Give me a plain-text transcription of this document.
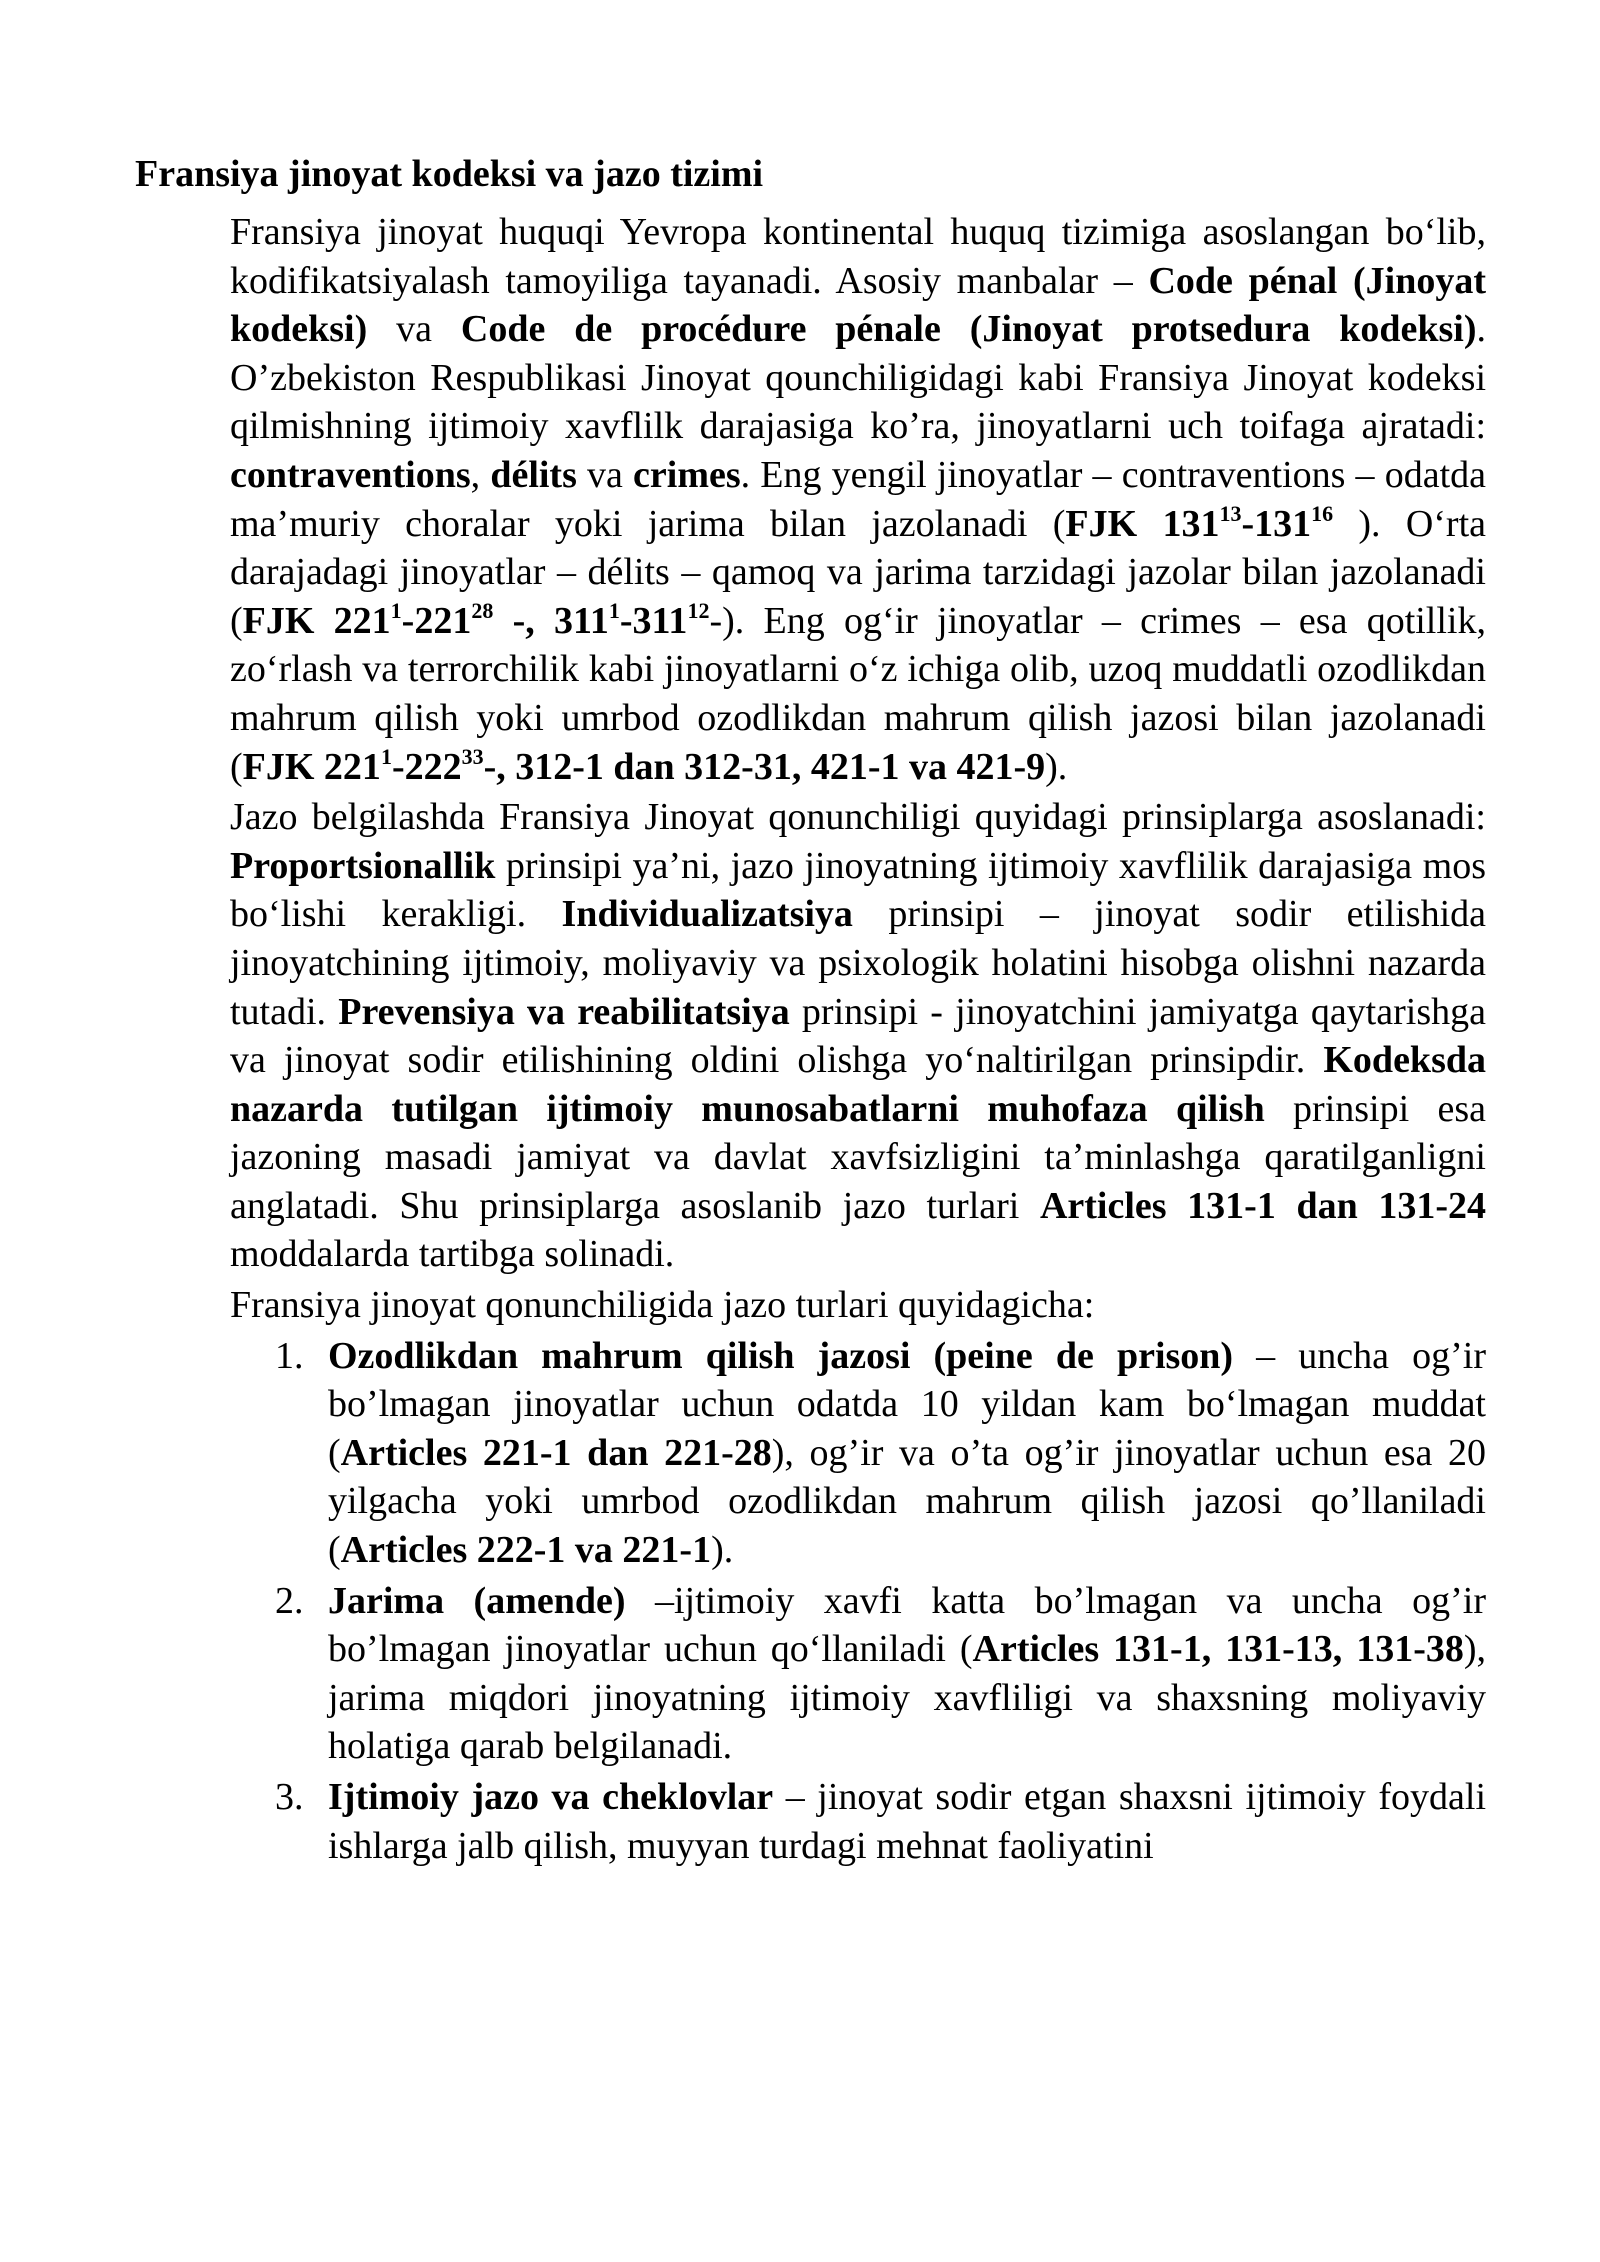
Fransiya jinoyat kodeksi va jazo tizimi

Fransiya jinoyat huquqi Yevropa kontinental huquq tizimiga asoslangan bo‘lib, kodifikatsiyalash tamoyiliga tayanadi. Asosiy manbalar – Code pénal (Jinoyat kodeksi) va Code de procédure pénale (Jinoyat protsedura kodeksi). O’zbekiston Respublikasi Jinoyat qounchiligidagi kabi Fransiya Jinoyat kodeksi qilmishning ijtimoiy xavflilk darajasiga ko’ra, jinoyatlarni uch toifaga ajratadi: contraventions, délits va crimes. Eng yengil jinoyatlar – contraventions – odatda ma’muriy choralar yoki jarima bilan jazolanadi (FJK $131^{13}-131^{16}$ ). O‘rta darajadagi jinoyatlar – délits – qamoq va jarima tarzidagi jazolar bilan jazolanadi (FJK $221^1-221^{28}$ -, $311^1-311^{12}-$). Eng og‘ir jinoyatlar – crimes – esa qotillik, zo‘rlash va terrorchilik kabi jinoyatlarni o‘z ichiga olib, uzoq muddatli ozodlikdan mahrum qilish yoki umrbod ozodlikdan mahrum qilish jazosi bilan jazolanadi (FJK $221^1-222^{33}-$, 312-1 dan 312-31, 421-1 va 421-9).

Jazo belgilashda Fransiya Jinoyat qonunchiligi quyidagi prinsiplarga asoslanadi: Proportsionallik prinsipi ya’ni, jazo jinoyatning ijtimoiy xavflilik darajasiga mos bo‘lishi kerakligi. Individualizatsiya prinsipi – jinoyat sodir etilishida jinoyatchining ijtimoiy, moliyaviy va psixologik holatini hisobga olishni nazarda tutadi. Prevensiya va reabilitatsiya prinsipi - jinoyatchini jamiyatga qaytarishga va jinoyat sodir etilishining oldini olishga yo‘naltirilgan prinsipdir. Kodeksda nazarda tutilgan ijtimoiy munosabatlarni muhofaza qilish prinsipi esa jazoning masadi jamiyat va davlat xavfsizligini ta’minlashga qaratilganligni anglatadi. Shu prinsiplarga asoslanib jazo turlari Articles 131-1 dan 131-24 moddalarda tartibga solinadi.

Fransiya jinoyat qonunchiligida jazo turlari quyidagicha:

1. Ozodlikdan mahrum qilish jazosi (peine de prison) – uncha og’ir bo’lmagan jinoyatlar uchun odatda 10 yildan kam bo‘lmagan muddat (Articles 221-1 dan 221-28), og’ir va o’ta og’ir jinoyatlar uchun esa 20 yilgacha yoki umrbod ozodlikdan mahrum qilish jazosi qo’llaniladi (Articles 222-1 va 221-1).
2. Jarima (amende) –ijtimoiy xavfi katta bo’lmagan va uncha og’ir bo’lmagan jinoyatlar uchun qo‘llaniladi (Articles 131-1, 131-13, 131-38), jarima miqdori jinoyatning ijtimoiy xavfliligi va shaxsning moliyaviy holatiga qarab belgilanadi.
3. Ijtimoiy jazo va cheklovlar – jinoyat sodir etgan shaxsni ijtimoiy foydali ishlarga jalb qilish, muyyan turdagi mehnat faoliyatini
